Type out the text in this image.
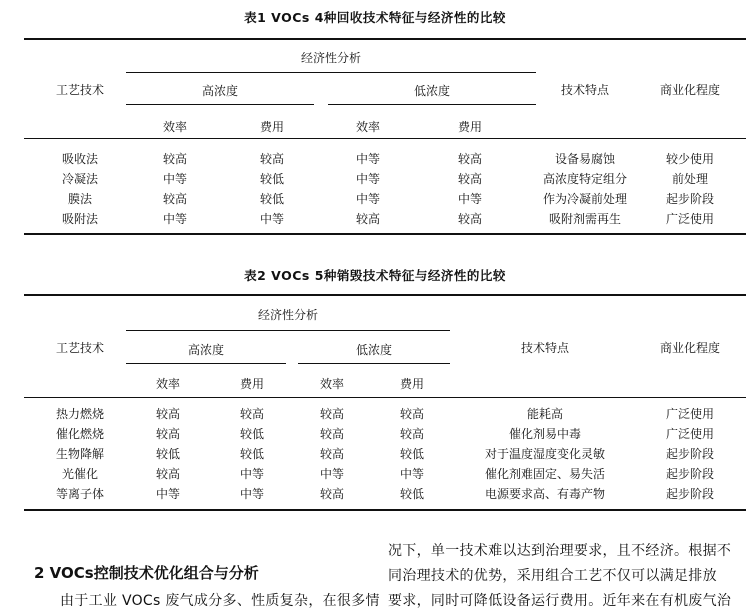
表1 VOCs 4种回收技术特征与经济性的比较
工艺技术
经济性分析
高浓度	低浓度	技术特点	商业化程度
效率	费用	效率	费用
吸收法	较高	较高	中等	较高	设备易腐蚀	较少使用
冷凝法	中等	较低	中等	较高	高浓度特定组分	前处理
膜法	较高	较低	中等	中等	作为冷凝前处理	起步阶段
吸附法	中等	中等	较高	较高	吸附剂需再生	广泛使用
表2 VOCs 5种销毁技术特征与经济性的比较
工艺技术
经济性分析
高浓度	低浓度	技术特点	商业化程度
效率	费用	效率	费用
热力燃烧	较高	较高	较高	较高	能耗高	广泛使用
催化燃烧	较高	较低	较高	较高	催化剂易中毒	广泛使用
生物降解	较低	较低	较高	较低	对于温度湿度变化灵敏	起步阶段
光催化	较高	中等	中等	中等	催化剂难固定、易失活	起步阶段
等离子体	中等	中等	较高	较低	电源要求高、有毒产物	起步阶段
2 VOCs控制技术优化组合与分析
由于工业 VOCs 废气成分多、性质复杂，在很多情
况下，单一技术难以达到治理要求，且不经济。根据不
同治理技术的优势，采用组合工艺不仅可以满足排放
要求，同时可降低设备运行费用。近年来在有机废气治
